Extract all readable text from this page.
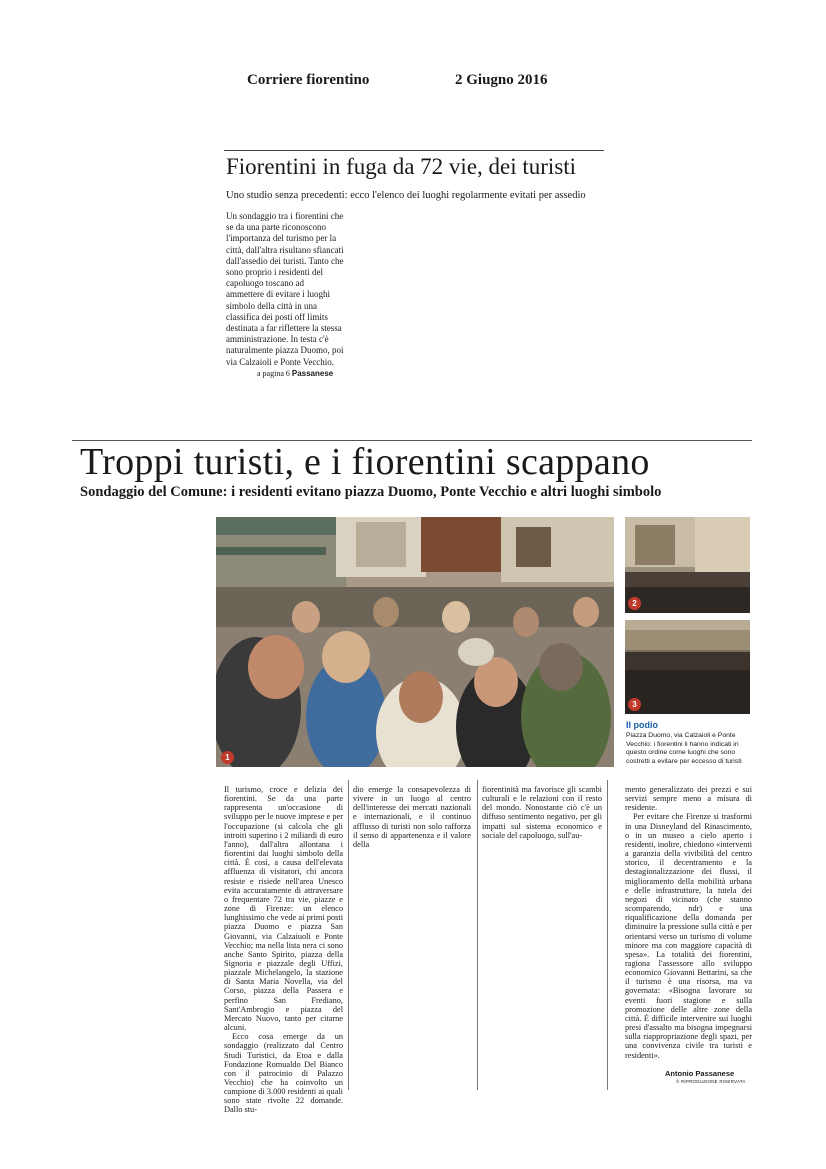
Corriere fiorentino	2 Giugno 2016
Fiorentini in fuga da 72 vie, dei turisti
Uno studio senza precedenti: ecco l'elenco dei luoghi regolarmente evitati per assedio

Un sondaggio tra i fiorentini che se da una parte riconoscono l'importanza del turismo per la città, dall'altra risultano sfiancati dall'assedio dei turisti. Tanto che sono proprio i residenti del capoluogo toscano ad ammettere di evitare i luoghi simbolo della città in una classifica dei posti off limits destinata a far riflettere la stessa amministrazione. In testa c'è naturalmente piazza Duomo, poi via Calzaioli e Ponte Vecchio.

a pagina 6 Passanese
Troppi turisti, e i fiorentini scappano
Sondaggio del Comune: i residenti evitano piazza Duomo, Ponte Vecchio e altri luoghi simbolo
1
2
3
Il podio
Piazza Duomo, via Calzaioli e Ponte Vecchio: i fiorentini li hanno indicati in questo ordine come luoghi che sono costretti a evitare per eccesso di turisti

Il turismo, croce e delizia dei fiorentini. Se da una parte rappresenta un'occasione di sviluppo per le nuove imprese e per l'occupazione (si calcola che gli introiti superino i 2 miliardi di euro l'anno), dall'altra allontana i fiorentini dai luoghi simbolo della città. È così, a causa dell'elevata affluenza di visitatori, chi ancora resiste e risiede nell'area Unesco evita accuratamente di attraversare o frequentare 72 tra vie, piazze e zone di Firenze: un elenco lunghissimo che vede ai primi posti piazza Duomo e piazza San Giovanni, via Calzaiuoli e Ponte Vecchio; ma nella lista nera ci sono anche Santo Spirito, piazza della Signoria e piazzale degli Uffizi, piazzale Michelangelo, la stazione di Santa Maria Novella, via del Corso, piazza della Passera e perfino San Frediano, Sant'Ambrogio e piazza del Mercato Nuovo, tanto per citarne alcuni.

Ecco cosa emerge da un sondaggio (realizzato dal Centro Studi Turistici, da Etoa e dalla Fondazione Romualdo Del Bianco con il patrocinio di Palazzo Vecchio) che ha coinvolto un campione di 3.000 residenti ai quali sono state rivolte 22 domande. Dallo stu-

dio emerge la consapevolezza di vivere in un luogo al centro dell'interesse dei mercati nazionali e internazionali, e il continuo afflusso di turisti non solo rafforza il senso di appartenenza e il valore della

fiorentinità ma favorisce gli scambi culturali e le relazioni con il resto del mondo. Nonostante ciò c'è un diffuso sentimento negativo, per gli impatti sul sistema economico e sociale del capoluogo, sull'au-

mento generalizzato dei prezzi e sui servizi sempre meno a misura di residente.

Per evitare che Firenze si trasformi in una Disneyland del Rinascimento, o in un museo a cielo aperto i residenti, inoltre, chiedono «interventi a garanzia della vivibilità del centro storico, il decentramento e la destagionalizzazione dei flussi, il miglioramento della mobilità urbana e delle infrastrutture, la tutela dei negozi di vicinato (che stanno scomparendo, ndr) e una riqualificazione della domanda per diminuire la pressione sulla città e per orientarsi verso un turismo di volume minore ma con maggiore capacità di spesa». La totalità dei fiorentini, ragiona l'assessore allo sviluppo economico Giovanni Bettarini, sa che il turismo è una risorsa, ma va governata: «Bisogna lavorare su eventi fuori stagione e sulla promozione delle altre zone della città. È difficile intervenire sui luoghi presi d'assalto ma bisogna impegnarsi sulla riappropriazione degli spazi, per una convivenza civile tra turisti e residenti».

Antonio Passanese
© RIPRODUZIONE RISERVATA
